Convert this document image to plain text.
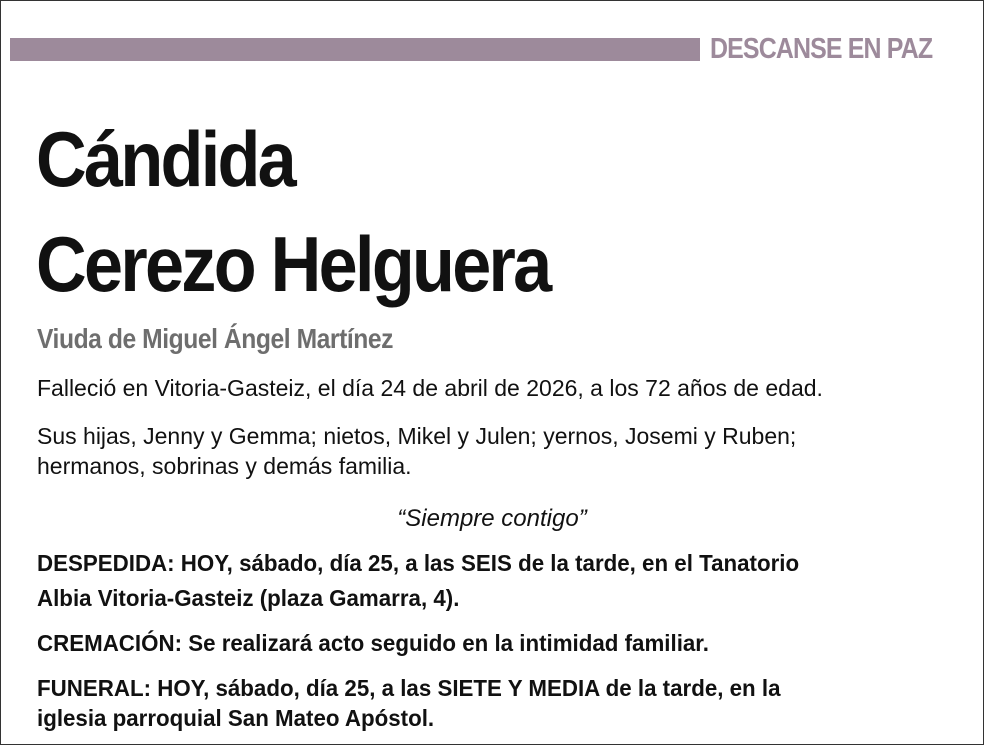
DESCANSE EN PAZ
Cándida
Cerezo Helguera
Viuda de Miguel Ángel Martínez
Falleció en Vitoria-Gasteiz, el día 24 de abril de 2026, a los 72 años de edad.
Sus hijas, Jenny y Gemma; nietos, Mikel y Julen; yernos, Josemi y Ruben;
hermanos, sobrinas y demás familia.
“Siempre contigo”
DESPEDIDA: HOY, sábado, día 25, a las SEIS de la tarde, en el Tanatorio
Albia Vitoria-Gasteiz (plaza Gamarra, 4).
CREMACIÓN: Se realizará acto seguido en la intimidad familiar.
FUNERAL: HOY, sábado, día 25, a las SIETE Y MEDIA de la tarde, en la
iglesia parroquial San Mateo Apóstol.
